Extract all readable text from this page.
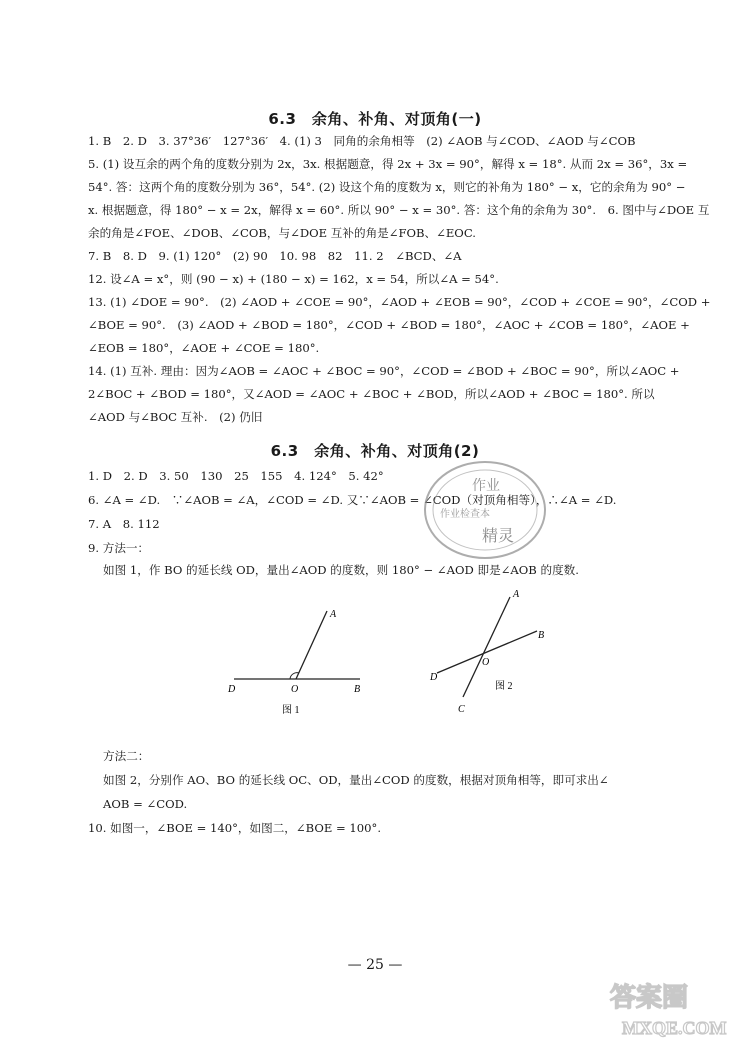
6.3　余角、补角、对顶角(一)
1. B　2. D　3. 37°36′　127°36′　4. (1) 3　同角的余角相等　(2) ∠AOB 与∠COD、∠AOD 与∠COB
5. (1) 设互余的两个角的度数分别为 2x，3x. 根据题意，得 2x + 3x = 90°，解得 x = 18°. 从而 2x = 36°，3x =
54°. 答：这两个角的度数分别为 36°，54°. (2) 设这个角的度数为 x，则它的补角为 180° − x，它的余角为 90° −
x. 根据题意，得 180° − x = 2x，解得 x = 60°. 所以 90° − x = 30°. 答：这个角的余角为 30°.　6. 图中与∠DOE 互
余的角是∠FOE、∠DOB、∠COB，与∠DOE 互补的角是∠FOB、∠EOC.
7. B　8. D　9. (1) 120°　(2) 90　10. 98　82　11. 2　∠BCD、∠A
12. 设∠A = x°，则 (90 − x) + (180 − x) = 162，x = 54，所以∠A = 54°.
13. (1) ∠DOE = 90°.　(2) ∠AOD + ∠COE = 90°，∠AOD + ∠EOB = 90°，∠COD + ∠COE = 90°，∠COD +
∠BOE = 90°.　(3) ∠AOD + ∠BOD = 180°，∠COD + ∠BOD = 180°，∠AOC + ∠COB = 180°，∠AOE +
∠EOB = 180°，∠AOE + ∠COE = 180°.
14. (1) 互补. 理由：因为∠AOB = ∠AOC + ∠BOC = 90°，∠COD = ∠BOD + ∠BOC = 90°，所以∠AOC +
2∠BOC + ∠BOD = 180°，又∠AOD = ∠AOC + ∠BOC + ∠BOD，所以∠AOD + ∠BOC = 180°. 所以
∠AOD 与∠BOC 互补.　(2) 仍旧
6.3　余角、补角、对顶角(2)
1. D　2. D　3. 50　130　25　155　4. 124°　5. 42°
6. ∠A = ∠D.　∵∠AOB = ∠A，∠COD = ∠D. 又∵∠AOB = ∠COD（对顶角相等），∴∠A = ∠D.
7. A　8. 112
9. 方法一：
如图 1，作 BO 的延长线 OD，量出∠AOD 的度数，则 180° − ∠AOD 即是∠AOB 的度数.
A
D	O	B
图 1
A
B
O
D
C
图 2
方法二：
如图 2，分别作 AO、BO 的延长线 OC、OD，量出∠COD 的度数，根据对顶角相等，即可求出∠
AOB = ∠COD.
10. 如图一，∠BOE = 140°，如图二，∠BOE = 100°.
作业
作业检查本
精灵
— 25 —
答案圈
MXQE.COM
